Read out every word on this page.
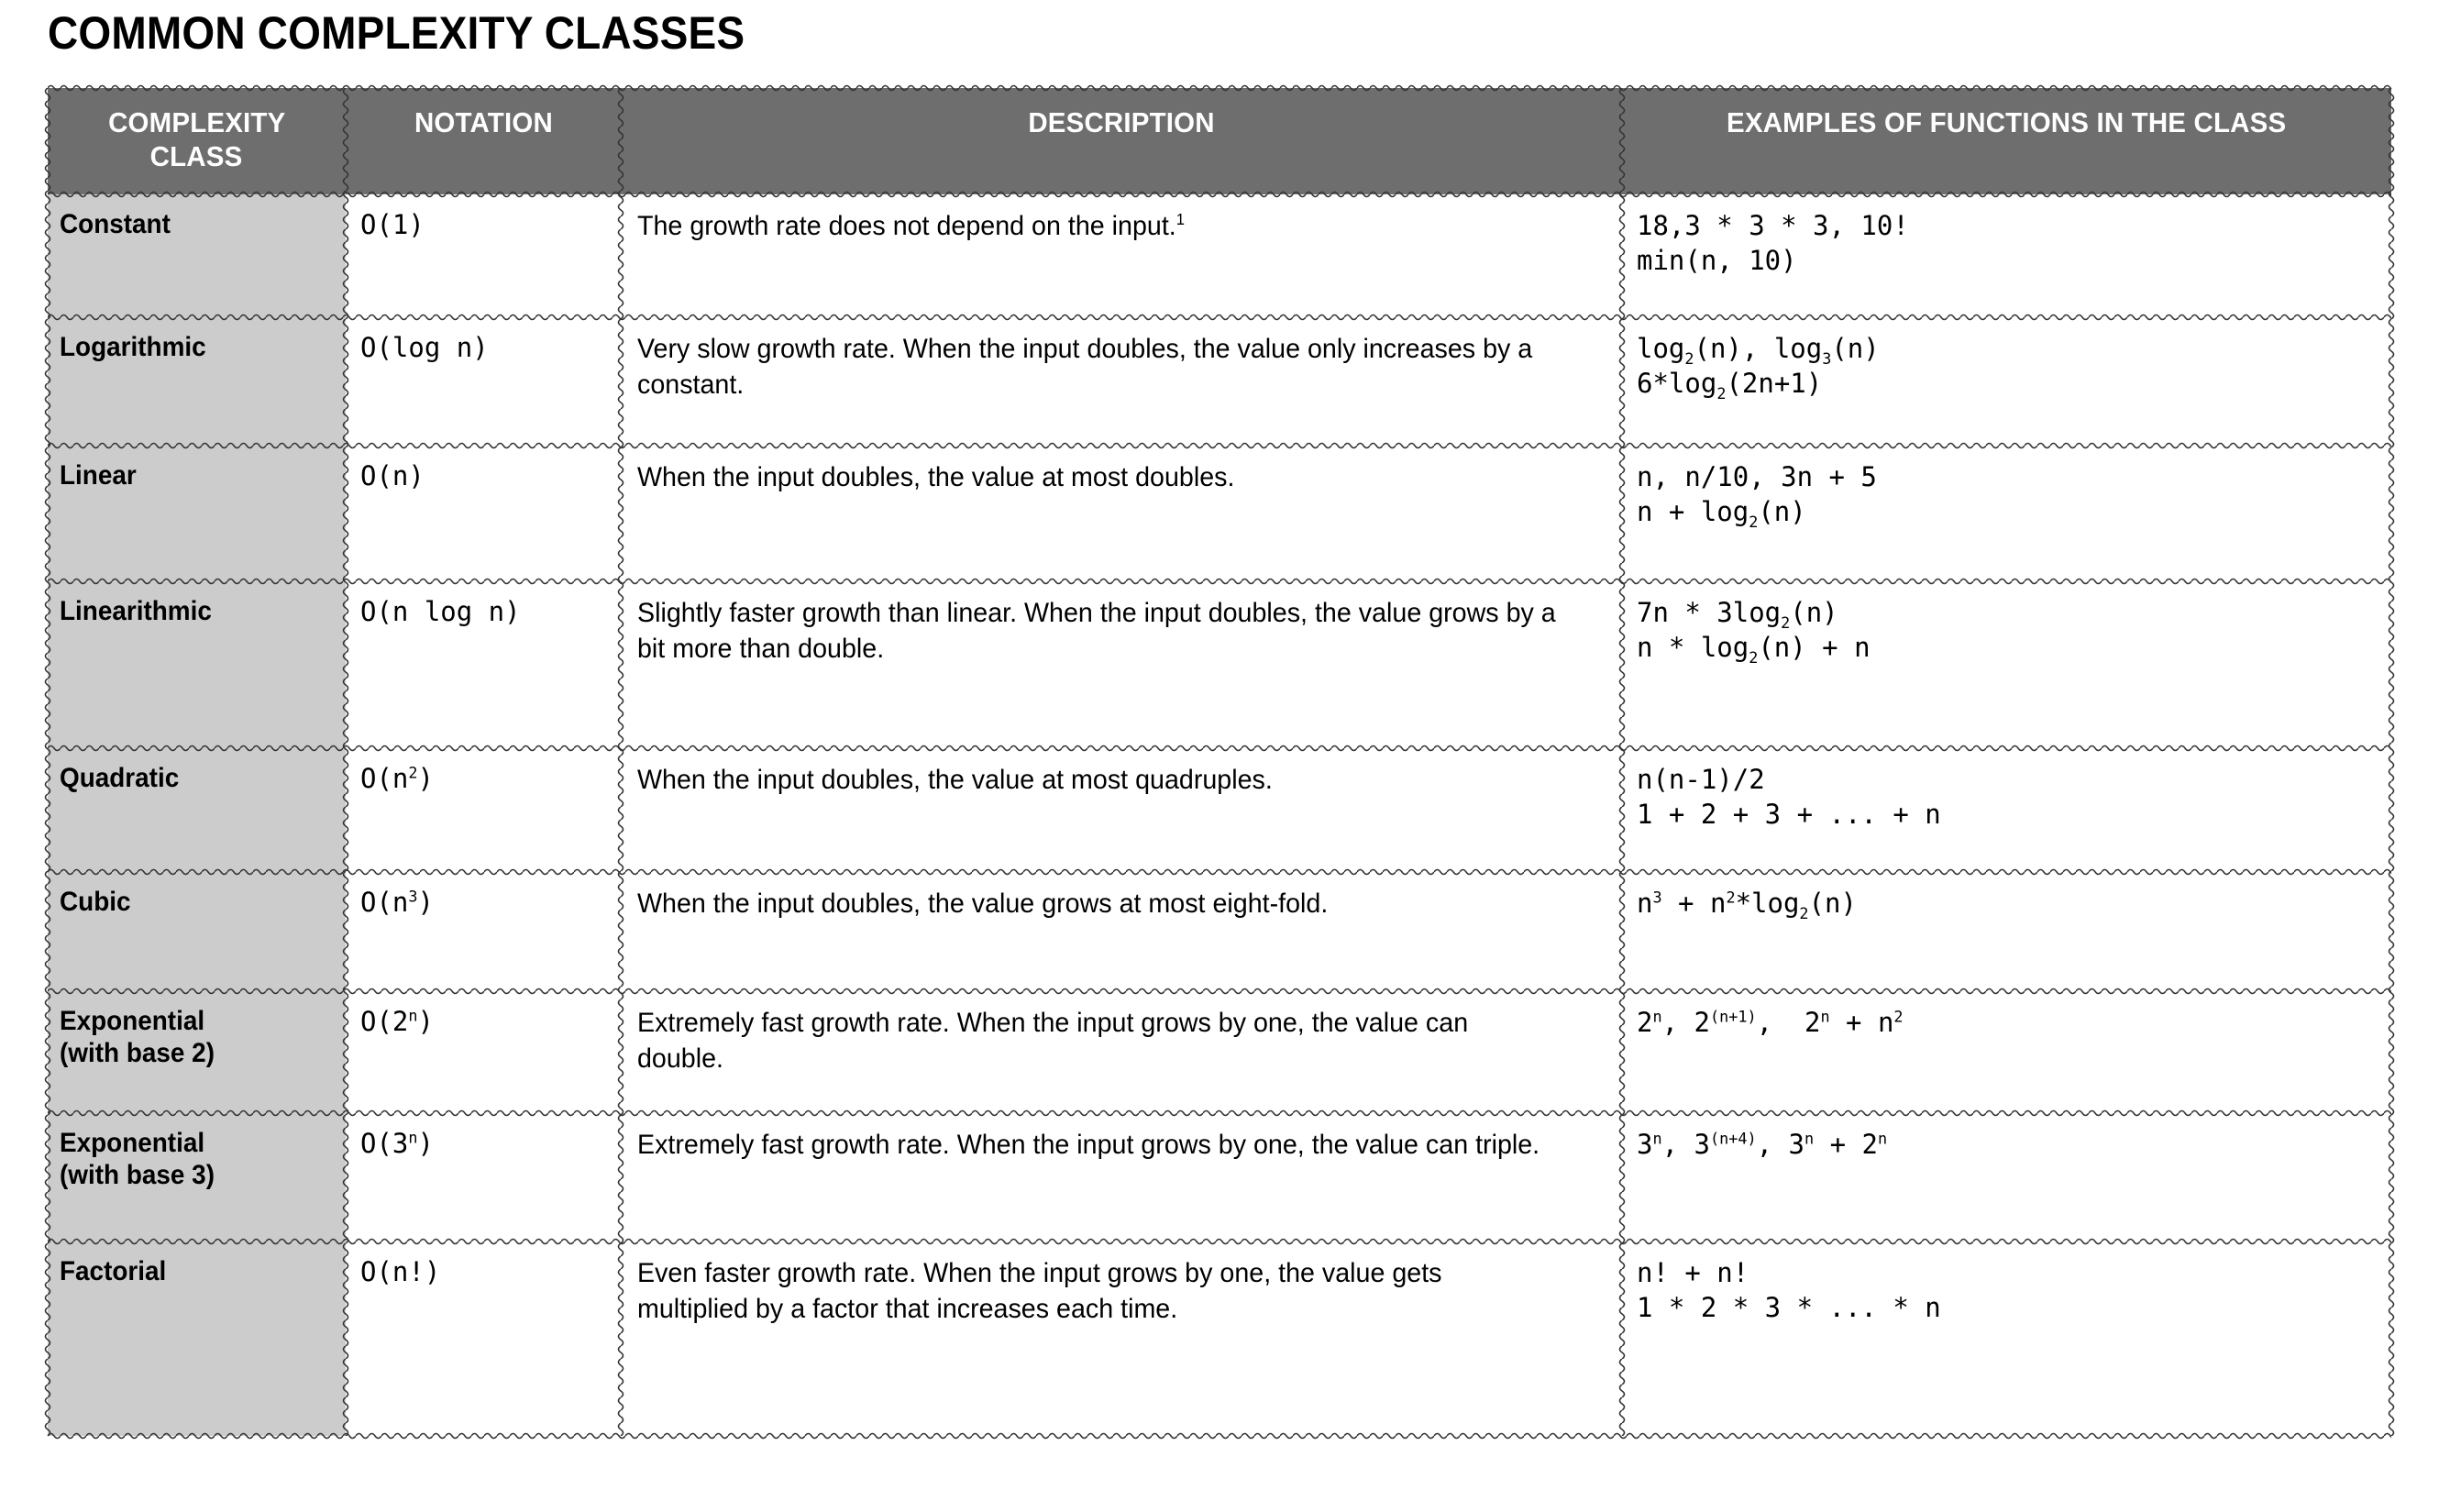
COMMON COMPLEXITY CLASSES
COMPLEXITY
CLASS	NOTATION	DESCRIPTION	EXAMPLES OF FUNCTIONS IN THE CLASS
Constant	O(1)	The growth rate does not depend on the input.$^1$	18,3 * 3 * 3, 10!
min(n, 10)

Logarithmic	O(log n)	Very slow growth rate. When the input doubles, the value only increases by a constant.	$\log_2(n)$, $\log_3(n)$
$6*\log_2(2n+1)$

Linear	O(n)	When the input doubles, the value at most doubles.	n, n/10, 3n + 5
$n + \log_2(n)$

Linearithmic	O(n log n)	Slightly faster growth than linear. When the input doubles, the value grows by a bit more than double.	$7n * 3\log_2(n)$
$n * \log_2(n) + n$

Quadratic	$O(n^2)$	When the input doubles, the value at most quadruples.	n(n-1)/2
1 + 2 + 3 + ... + n

Cubic	$O(n^3)$	When the input doubles, the value grows at most eight-fold.	$n^3 + n^2*\log_2(n)$

Exponential
(with base 2)	O(2$^n$)	Extremely fast growth rate. When the input grows by one, the value can double.	2$^n$, $2^{(n+1)}$,  $2^n + n^2$

Exponential
(with base 3)	O(3$^n$)	Extremely fast growth rate. When the input grows by one, the value can triple.	3$^n$, $3^{(n+4)}$, $3^n + 2^n$

Factorial	O(n!)	Even faster growth rate. When the input grows by one, the value gets multiplied by a factor that increases each time.	n! + n!
1 * 2 * 3 * ... * n
